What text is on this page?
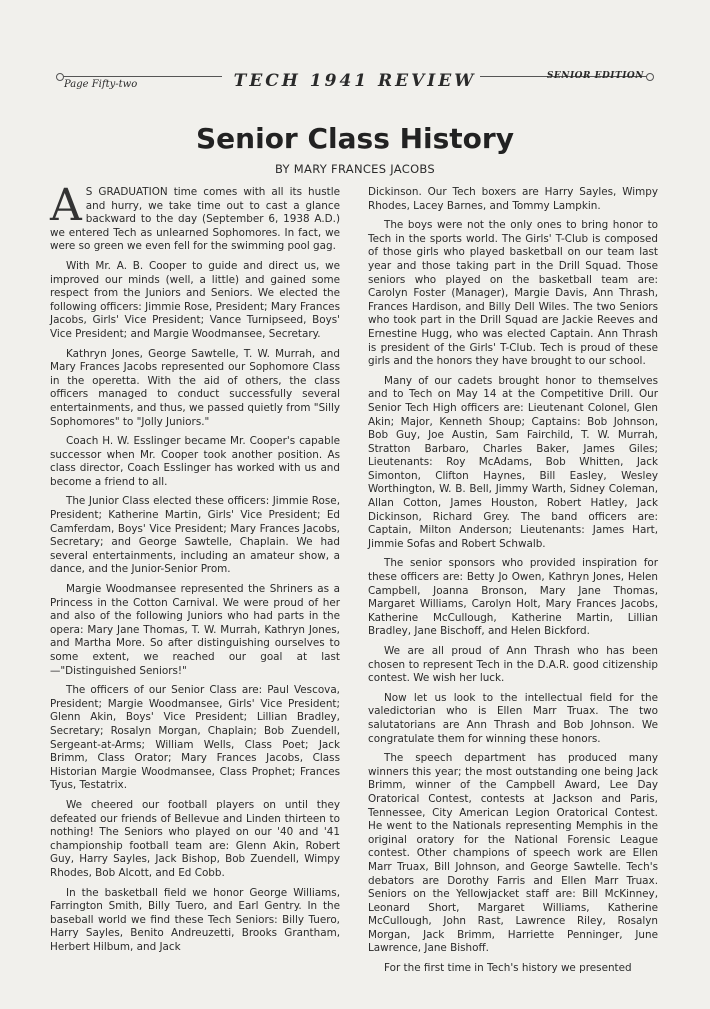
Page Fifty-two	TECH 1941 REVIEW	SENIOR EDITION
Senior Class History
BY MARY FRANCES JACOBS

A S GRADUATION time comes with all its hustle and hurry, we take time out to cast a glance backward to the day (September 6, 1938 A.D.) we entered Tech as unlearned Sophomores. In fact, we were so green we even fell for the swimming pool gag.

With Mr. A. B. Cooper to guide and direct us, we improved our minds (well, a little) and gained some respect from the Juniors and Seniors. We elected the following officers: Jimmie Rose, President; Mary Frances Jacobs, Girls' Vice President; Vance Turnipseed, Boys' Vice President; and Margie Woodmansee, Secretary.

Kathryn Jones, George Sawtelle, T. W. Murrah, and Mary Frances Jacobs represented our Sophomore Class in the operetta. With the aid of others, the class officers managed to conduct successfully several entertainments, and thus, we passed quietly from "Silly Sophomores" to "Jolly Juniors."

Coach H. W. Esslinger became Mr. Cooper's capable successor when Mr. Cooper took another position. As class director, Coach Esslinger has worked with us and become a friend to all.

The Junior Class elected these officers: Jimmie Rose, President; Katherine Martin, Girls' Vice President; Ed Camferdam, Boys' Vice President; Mary Frances Jacobs, Secretary; and George Sawtelle, Chaplain. We had several entertainments, including an amateur show, a dance, and the Junior-Senior Prom.

Margie Woodmansee represented the Shriners as a Princess in the Cotton Carnival. We were proud of her and also of the following Juniors who had parts in the opera: Mary Jane Thomas, T. W. Murrah, Kathryn Jones, and Martha More. So after distinguishing ourselves to some extent, we reached our goal at last—"Distinguished Seniors!"

The officers of our Senior Class are: Paul Vescova, President; Margie Woodmansee, Girls' Vice President; Glenn Akin, Boys' Vice President; Lillian Bradley, Secretary; Rosalyn Morgan, Chaplain; Bob Zuendell, Sergeant-at-Arms; William Wells, Class Poet; Jack Brimm, Class Orator; Mary Frances Jacobs, Class Historian Margie Woodmansee, Class Prophet; Frances Tyus, Testatrix.

We cheered our football players on until they defeated our friends of Bellevue and Linden thirteen to nothing! The Seniors who played on our '40 and '41 championship football team are: Glenn Akin, Robert Guy, Harry Sayles, Jack Bishop, Bob Zuendell, Wimpy Rhodes, Bob Alcott, and Ed Cobb.

In the basketball field we honor George Williams, Farrington Smith, Billy Tuero, and Earl Gentry. In the baseball world we find these Tech Seniors: Billy Tuero, Harry Sayles, Benito Andreuzetti, Brooks Grantham, Herbert Hilbum, and Jack

Dickinson. Our Tech boxers are Harry Sayles, Wimpy Rhodes, Lacey Barnes, and Tommy Lampkin.

The boys were not the only ones to bring honor to Tech in the sports world. The Girls' T-Club is composed of those girls who played basketball on our team last year and those taking part in the Drill Squad. Those seniors who played on the basketball team are: Carolyn Foster (Manager), Margie Davis, Ann Thrash, Frances Hardison, and Billy Dell Wiles. The two Seniors who took part in the Drill Squad are Jackie Reeves and Ernestine Hugg, who was elected Captain. Ann Thrash is president of the Girls' T-Club. Tech is proud of these girls and the honors they have brought to our school.

Many of our cadets brought honor to themselves and to Tech on May 14 at the Competitive Drill. Our Senior Tech High officers are: Lieutenant Colonel, Glen Akin; Major, Kenneth Shoup; Captains: Bob Johnson, Bob Guy, Joe Austin, Sam Fairchild, T. W. Murrah, Stratton Barbaro, Charles Baker, James Giles; Lieutenants: Roy McAdams, Bob Whitten, Jack Simonton, Clifton Haynes, Bill Easley, Wesley Worthington, W. B. Bell, Jimmy Warth, Sidney Coleman, Allan Cotton, James Houston, Robert Hatley, Jack Dickinson, Richard Grey. The band officers are: Captain, Milton Anderson; Lieutenants: James Hart, Jimmie Sofas and Robert Schwalb.

The senior sponsors who provided inspiration for these officers are: Betty Jo Owen, Kathryn Jones, Helen Campbell, Joanna Bronson, Mary Jane Thomas, Margaret Williams, Carolyn Holt, Mary Frances Jacobs, Katherine McCullough, Katherine Martin, Lillian Bradley, Jane Bischoff, and Helen Bickford.

We are all proud of Ann Thrash who has been chosen to represent Tech in the D.A.R. good citizenship contest. We wish her luck.

Now let us look to the intellectual field for the valedictorian who is Ellen Marr Truax. The two salutatorians are Ann Thrash and Bob Johnson. We congratulate them for winning these honors.

The speech department has produced many winners this year; the most outstanding one being Jack Brimm, winner of the Campbell Award, Lee Day Oratorical Contest, contests at Jackson and Paris, Tennessee, City American Legion Oratorical Contest. He went to the Nationals representing Memphis in the original oratory for the National Forensic League contest. Other champions of speech work are Ellen Marr Truax, Bill Johnson, and George Sawtelle. Tech's debators are Dorothy Farris and Ellen Marr Truax. Seniors on the Yellowjacket staff are: Bill McKinney, Leonard Short, Margaret Williams, Katherine McCullough, John Rast, Lawrence Riley, Rosalyn Morgan, Jack Brimm, Harriette Penninger, June Lawrence, Jane Bishoff.

For the first time in Tech's history we presented
